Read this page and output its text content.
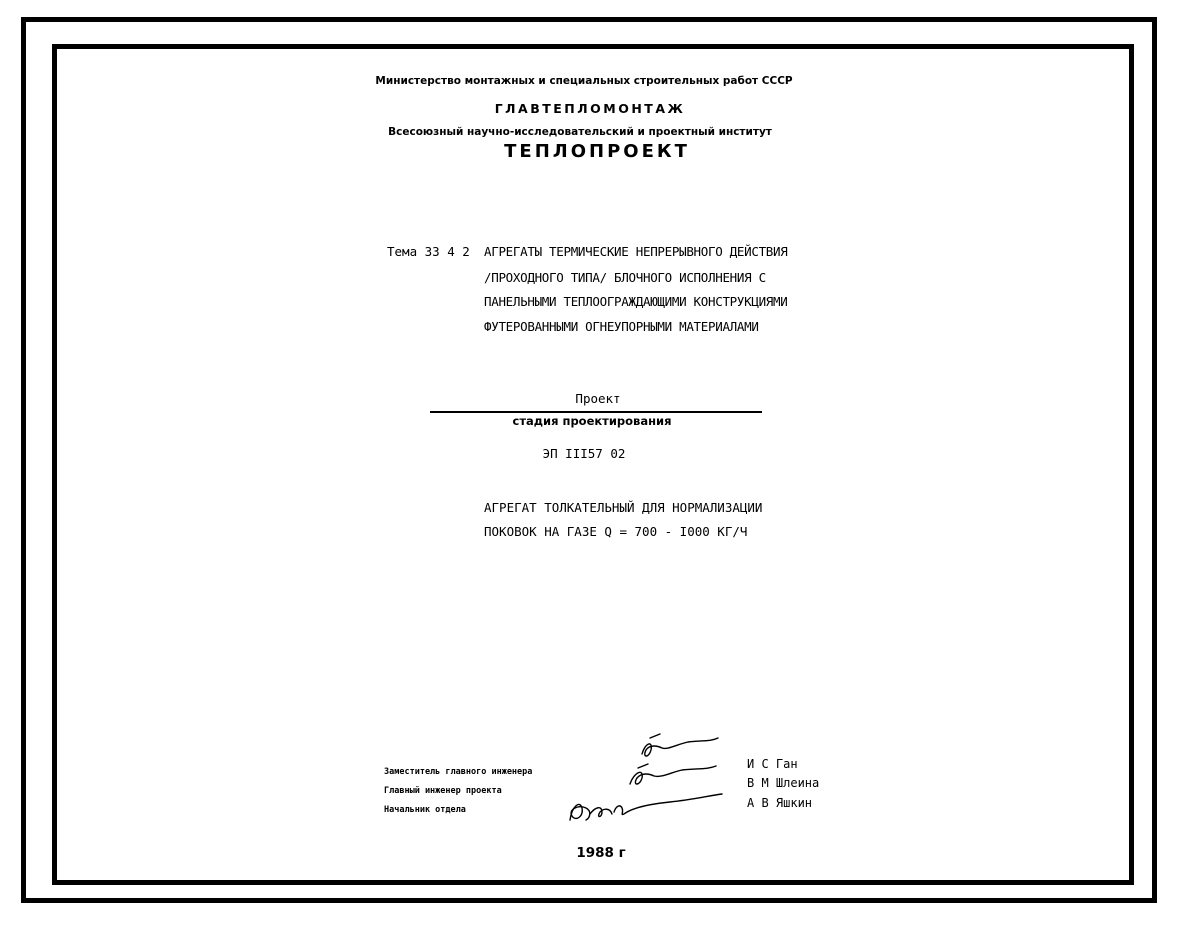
Министерство монтажных и специальных строительных работ СССР
ГЛАВТЕПЛОМОНТАЖ
Всесоюзный научно-исследовательский и проектный институт
ТЕПЛОПРОЕКТ
Тема 33 4 2 АГРЕГАТЫ ТЕРМИЧЕСКИЕ НЕПРЕРЫВНОГО ДЕЙСТВИЯ
/ПРОХОДНОГО ТИПА/ БЛОЧНОГО ИСПОЛНЕНИЯ С
ПАНЕЛЬНЫМИ ТЕПЛООГРАЖДАЮЩИМИ КОНСТРУКЦИЯМИ
ФУТЕРОВАННЫМИ ОГНЕУПОРНЫМИ МАТЕРИАЛАМИ
Проект
стадия проектирования
ЭП III57 02
АГРЕГАТ ТОЛКАТЕЛЬНЫЙ ДЛЯ НОРМАЛИЗАЦИИ
ПОКОВОК НА ГАЗЕ Q = 700 - I000 КГ/Ч
Заместитель главного инженера
Главный инженер проекта
Начальник отдела
И С Ган
В М Шлеина
А В Яшкин
1988 г
